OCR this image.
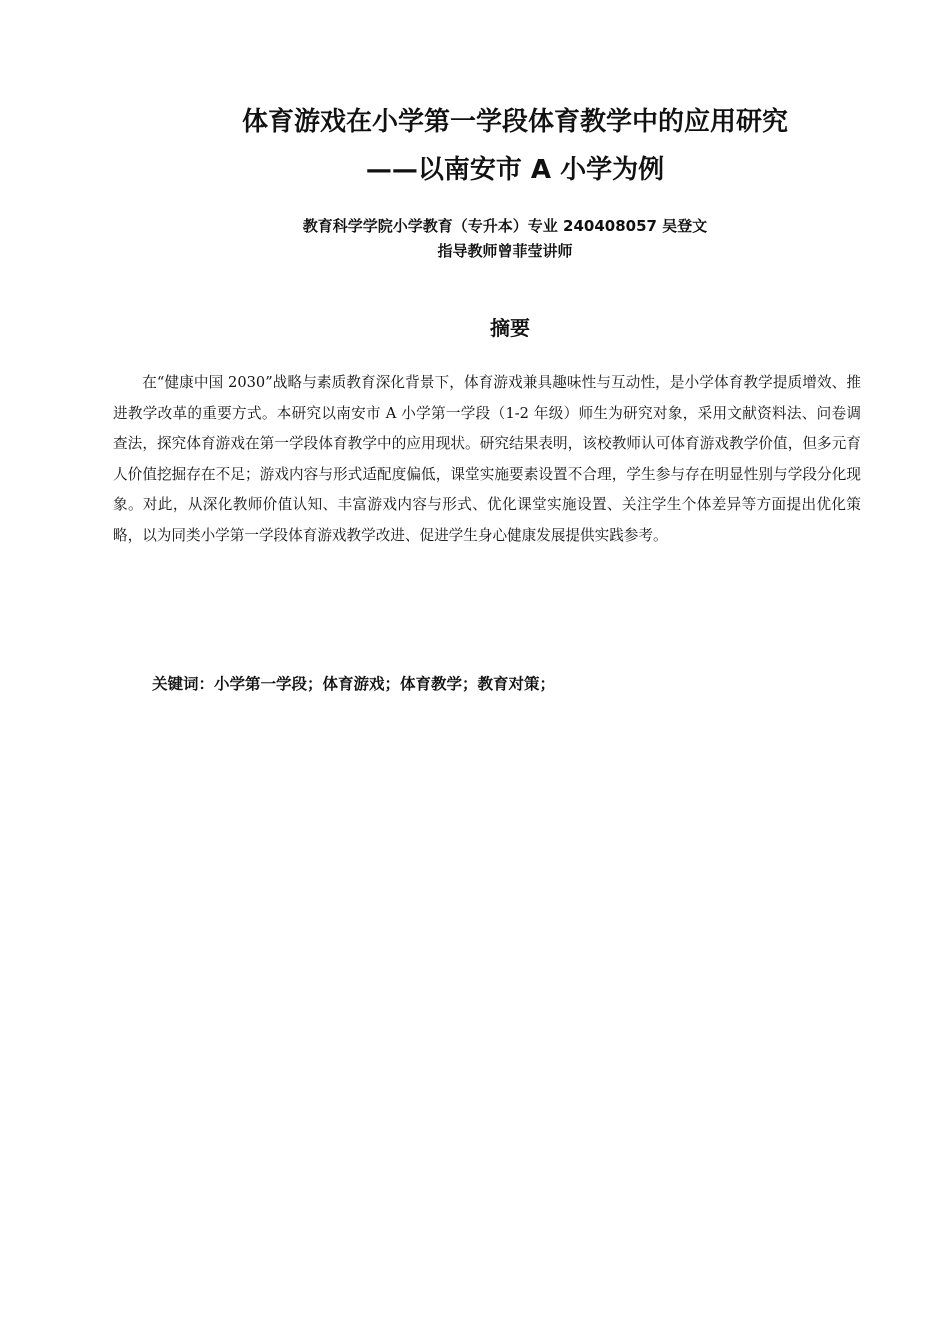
体育游戏在小学第一学段体育教学中的应用研究
——以南安市 A 小学为例
教育科学学院小学教育（专升本）专业 240408057 吴登文
指导教师曾菲莹讲师
摘要

在“健康中国 2030”战略与素质教育深化背景下，体育游戏兼具趣味性与互动性，是小学体育教学提质增效、推进教学改革的重要方式。本研究以南安市 A 小学第一学段（1-2 年级）师生为研究对象，采用文献资料法、问卷调查法，探究体育游戏在第一学段体育教学中的应用现状。研究结果表明，该校教师认可体育游戏教学价值，但多元育人价值挖掘存在不足；游戏内容与形式适配度偏低，课堂实施要素设置不合理，学生参与存在明显性别与学段分化现象。对此，从深化教师价值认知、丰富游戏内容与形式、优化课堂实施设置、关注学生个体差异等方面提出优化策略，以为同类小学第一学段体育游戏教学改进、促进学生身心健康发展提供实践参考。

关键词：小学第一学段；体育游戏；体育教学；教育对策；
